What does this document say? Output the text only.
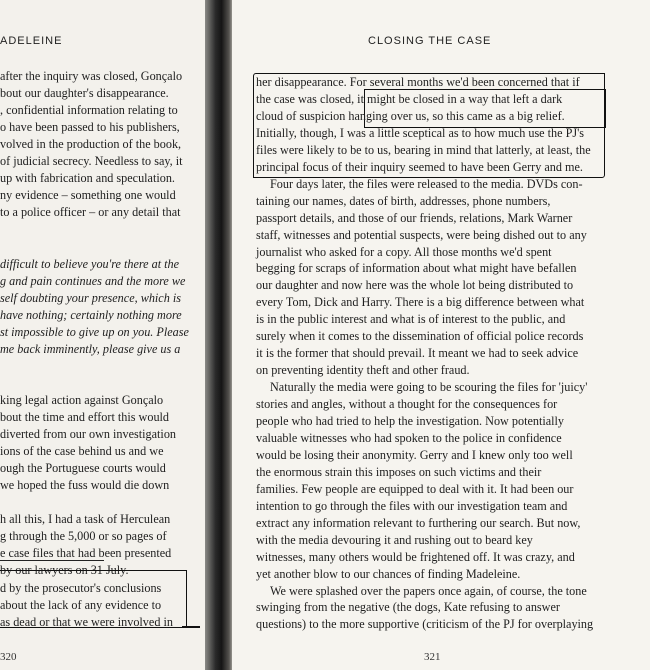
ADELEINE
after the inquiry was closed, Gonçalo
bout our daughter's disappearance.
, confidential information relating to
o have been passed to his publishers,
volved in the production of the book,
of judicial secrecy. Needless to say, it
up with fabrication and speculation.
ny evidence – something one would
to a police officer – or any detail that
difficult to believe you're there at the
g and pain continues and the more we
self doubting your presence, which is
have nothing; certainly nothing more
st impossible to give up on you. Please
me back imminently, please give us a
king legal action against Gonçalo
bout the time and effort this would
diverted from our own investigation
ions of the case behind us and we
ough the Portuguese courts would
we hoped the fuss would die down
h all this, I had a task of Herculean
g through the 5,000 or so pages of
e case files that had been presented
by our lawyers on 31 July.
d by the prosecutor's conclusions
about the lack of any evidence to
as dead or that we were involved in
320
CLOSING THE CASE
her disappearance. For several months we'd been concerned that if
the case was closed, it might be closed in a way that left a dark
cloud of suspicion hanging over us, so this came as a big relief.
Initially, though, I was a little sceptical as to how much use the PJ's
files were likely to be to us, bearing in mind that latterly, at least, the
principal focus of their inquiry seemed to have been Gerry and me.
Four days later, the files were released to the media. DVDs con-
taining our names, dates of birth, addresses, phone numbers,
passport details, and those of our friends, relations, Mark Warner
staff, witnesses and potential suspects, were being dished out to any
journalist who asked for a copy. All those months we'd spent
begging for scraps of information about what might have befallen
our daughter and now here was the whole lot being distributed to
every Tom, Dick and Harry. There is a big difference between what
is in the public interest and what is of interest to the public, and
surely when it comes to the dissemination of official police records
it is the former that should prevail. It meant we had to seek advice
on preventing identity theft and other fraud.
Naturally the media were going to be scouring the files for 'juicy'
stories and angles, without a thought for the consequences for
people who had tried to help the investigation. Now potentially
valuable witnesses who had spoken to the police in confidence
would be losing their anonymity. Gerry and I knew only too well
the enormous strain this imposes on such victims and their
families. Few people are equipped to deal with it. It had been our
intention to go through the files with our investigation team and
extract any information relevant to furthering our search. But now,
with the media devouring it and rushing out to beard key
witnesses, many others would be frightened off. It was crazy, and
yet another blow to our chances of finding Madeleine.
We were splashed over the papers once again, of course, the tone
swinging from the negative (the dogs, Kate refusing to answer
questions) to the more supportive (criticism of the PJ for overplaying
321
